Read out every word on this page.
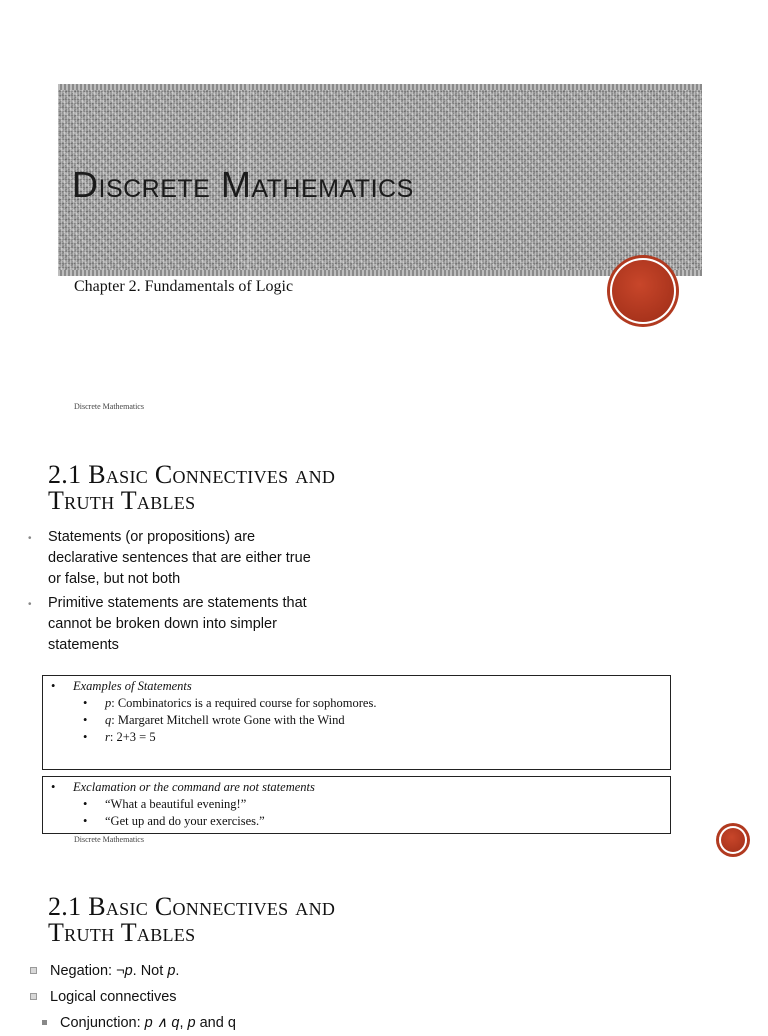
Discrete Mathematics
Chapter 2. Fundamentals of Logic
Discrete Mathematics
2.1 Basic Connectives and
Truth Tables
• Statements (or propositions) are declarative sentences that are either true or false, but not both
• Primitive statements are statements that cannot be broken down into simpler statements
• Examples of Statements
• p: Combinatorics is a required course for sophomores.
• q: Margaret Mitchell wrote Gone with the Wind
• r: 2+3 = 5
• Exclamation or the command are not statements
• “What a beautiful evening!”
• “Get up and do your exercises.”
Discrete Mathematics
2.1 Basic Connectives and
Truth Tables
Negation: ¬p. Not p.
Logical connectives
Conjunction: p ∧ q, p and q
